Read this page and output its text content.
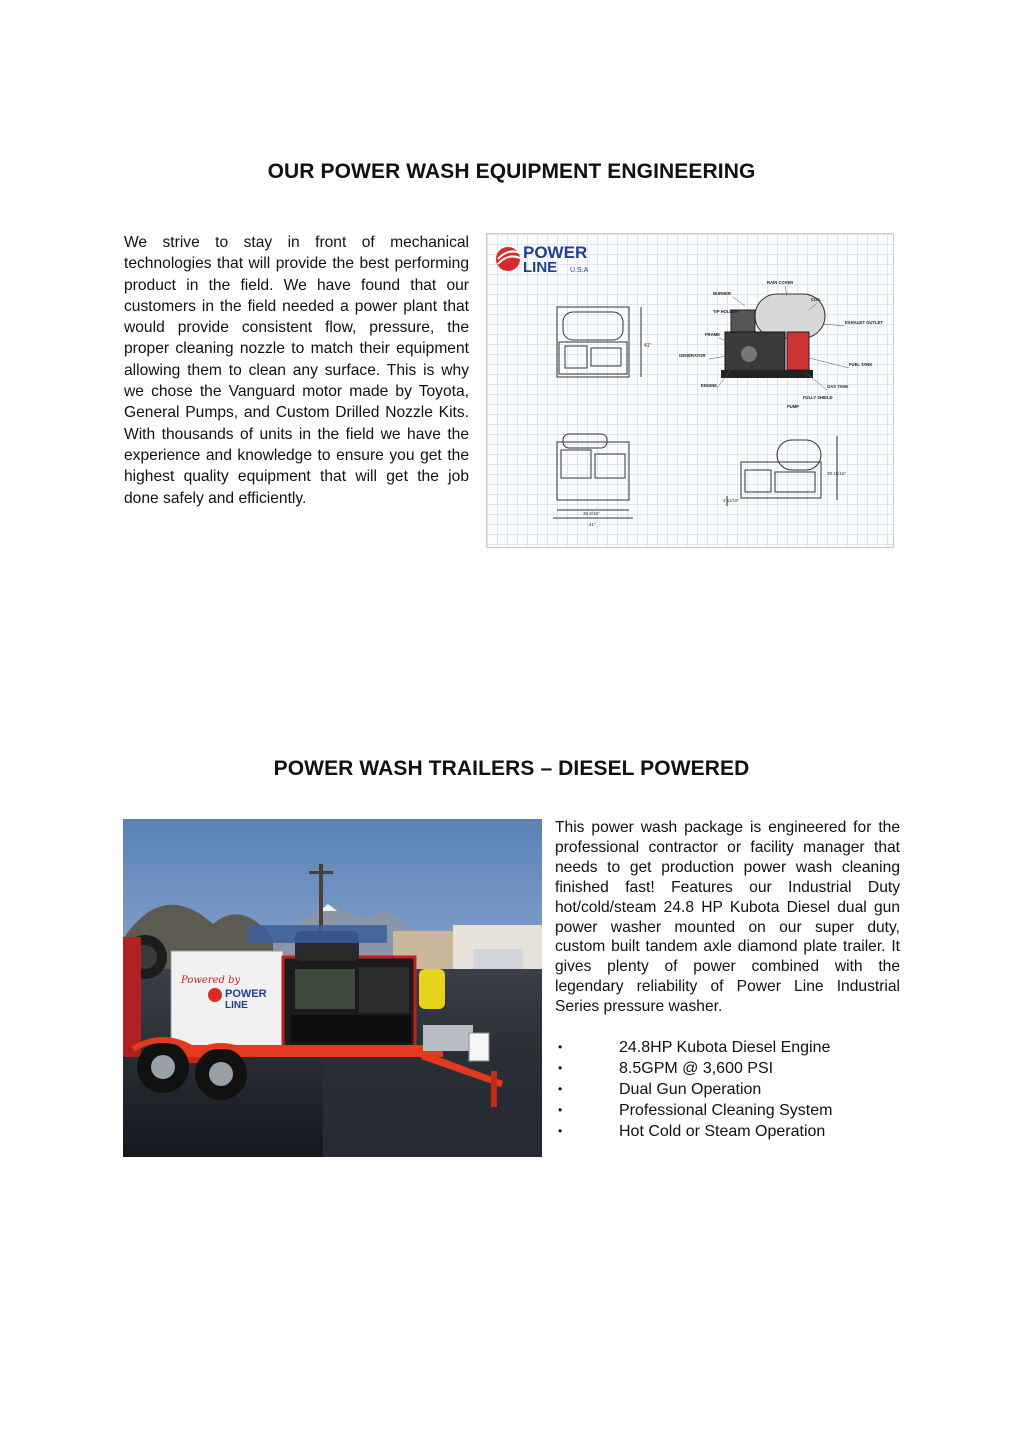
OUR POWER WASH EQUIPMENT ENGINEERING

We strive to stay in front of mechanical technologies that will provide the best performing product in the field. We have found that our customers in the field needed a power plant that would provide consistent flow, pressure, the proper cleaning nozzle to match their equipment allowing them to clean any surface. This is why we chose the Vanguard motor made by Toyota, General Pumps, and Custom Drilled Nozzle Kits. With thousands of units in the field we have the experience and knowledge to ensure you get the highest quality equipment that will get the job done safely and efficiently.

POWER
LINE U.S.A
41"
RAIN COVER
BURNER
COIL
TIP HOLDER
EXHAUST OUTLET
FRAME
GENERATOR
FUEL TANK
ENGINE	GAS TANK
FULLY SHIELD
PUMP
39 9/16"
41"
39 15/16"
4 11/16"
POWER WASH TRAILERS – DIESEL POWERED
Powered by
POWER
LINE

This power wash package is engineered for the professional contractor or facility manager that needs to get production power wash cleaning finished fast! Features our Industrial Duty hot/cold/steam 24.8 HP Kubota Diesel dual gun power washer mounted on our super duty, custom built tandem axle diamond plate trailer. It gives plenty of power combined with the legendary reliability of Power Line Industrial Series pressure washer.

•	24.8HP Kubota Diesel Engine
•	8.5GPM @ 3,600 PSI
•	Dual Gun Operation
•	Professional Cleaning System
•	Hot Cold or Steam Operation
